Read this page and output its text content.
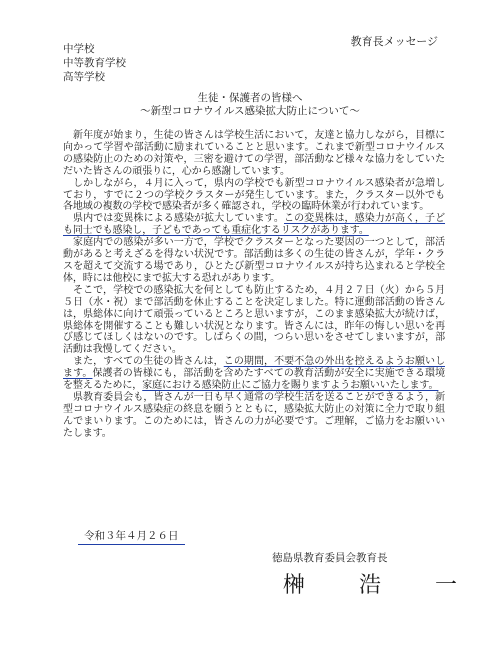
教育長メッセージ
中学校
中等教育学校
高等学校
生徒・保護者の皆様へ
～新型コロナウイルス感染拡大防止について～

新年度が始まり，生徒の皆さんは学校生活において，友達と協力しながら，目標に向かって学習や部活動に励まれていることと思います。これまで新型コロナウイルスの感染防止のための対策や，三密を避けての学習，部活動など様々な協力をしていただいた皆さんの頑張りに，心から感謝しています。

しかしながら，４月に入って，県内の学校でも新型コロナウイルス感染者が急増しており，すでに２つの学校クラスターが発生しています。また，クラスター以外でも各地域の複数の学校で感染者が多く確認され，学校の臨時休業が行われています。

県内では変異株による感染が拡大しています。この変異株は，感染力が高く，子ども同士でも感染し，子どもであっても重症化するリスクがあります。

家庭内での感染が多い一方で，学校でクラスターとなった要因の一つとして，部活動があると考えざるを得ない状況です。部活動は多くの生徒の皆さんが，学年・クラスを超えて交流する場であり，ひとたび新型コロナウイルスが持ち込まれると学校全体，時には他校にまで拡大する恐れがあります。

そこで，学校での感染拡大を何としても防止するため，４月２７日（火）から５月５日（水・祝）まで部活動を休止することを決定しました。特に運動部活動の皆さんは，県総体に向けて頑張っているところと思いますが，このまま感染拡大が続けば，県総体を開催することも難しい状況となります。皆さんには，昨年の悔しい思いを再び感じてほしくはないのです。しばらくの間，つらい思いをさせてしまいますが，部活動は我慢してください。

また，すべての生徒の皆さんは，この期間，不要不急の外出を控えるようお願いします。保護者の皆様にも，部活動を含めたすべての教育活動が安全に実施できる環境を整えるために，家庭における感染防止にご協力を賜りますようお願いいたします。

県教育委員会も，皆さんが一日も早く通常の学校生活を送ることができるよう，新型コロナウイルス感染症の終息を願うとともに，感染拡大防止の対策に全力で取り組んでまいります。このためには，皆さんの力が必要です。ご理解，ご協力をお願いいたします。

令和３年４月２６日
徳島県教育委員会教育長
榊　浩　一
